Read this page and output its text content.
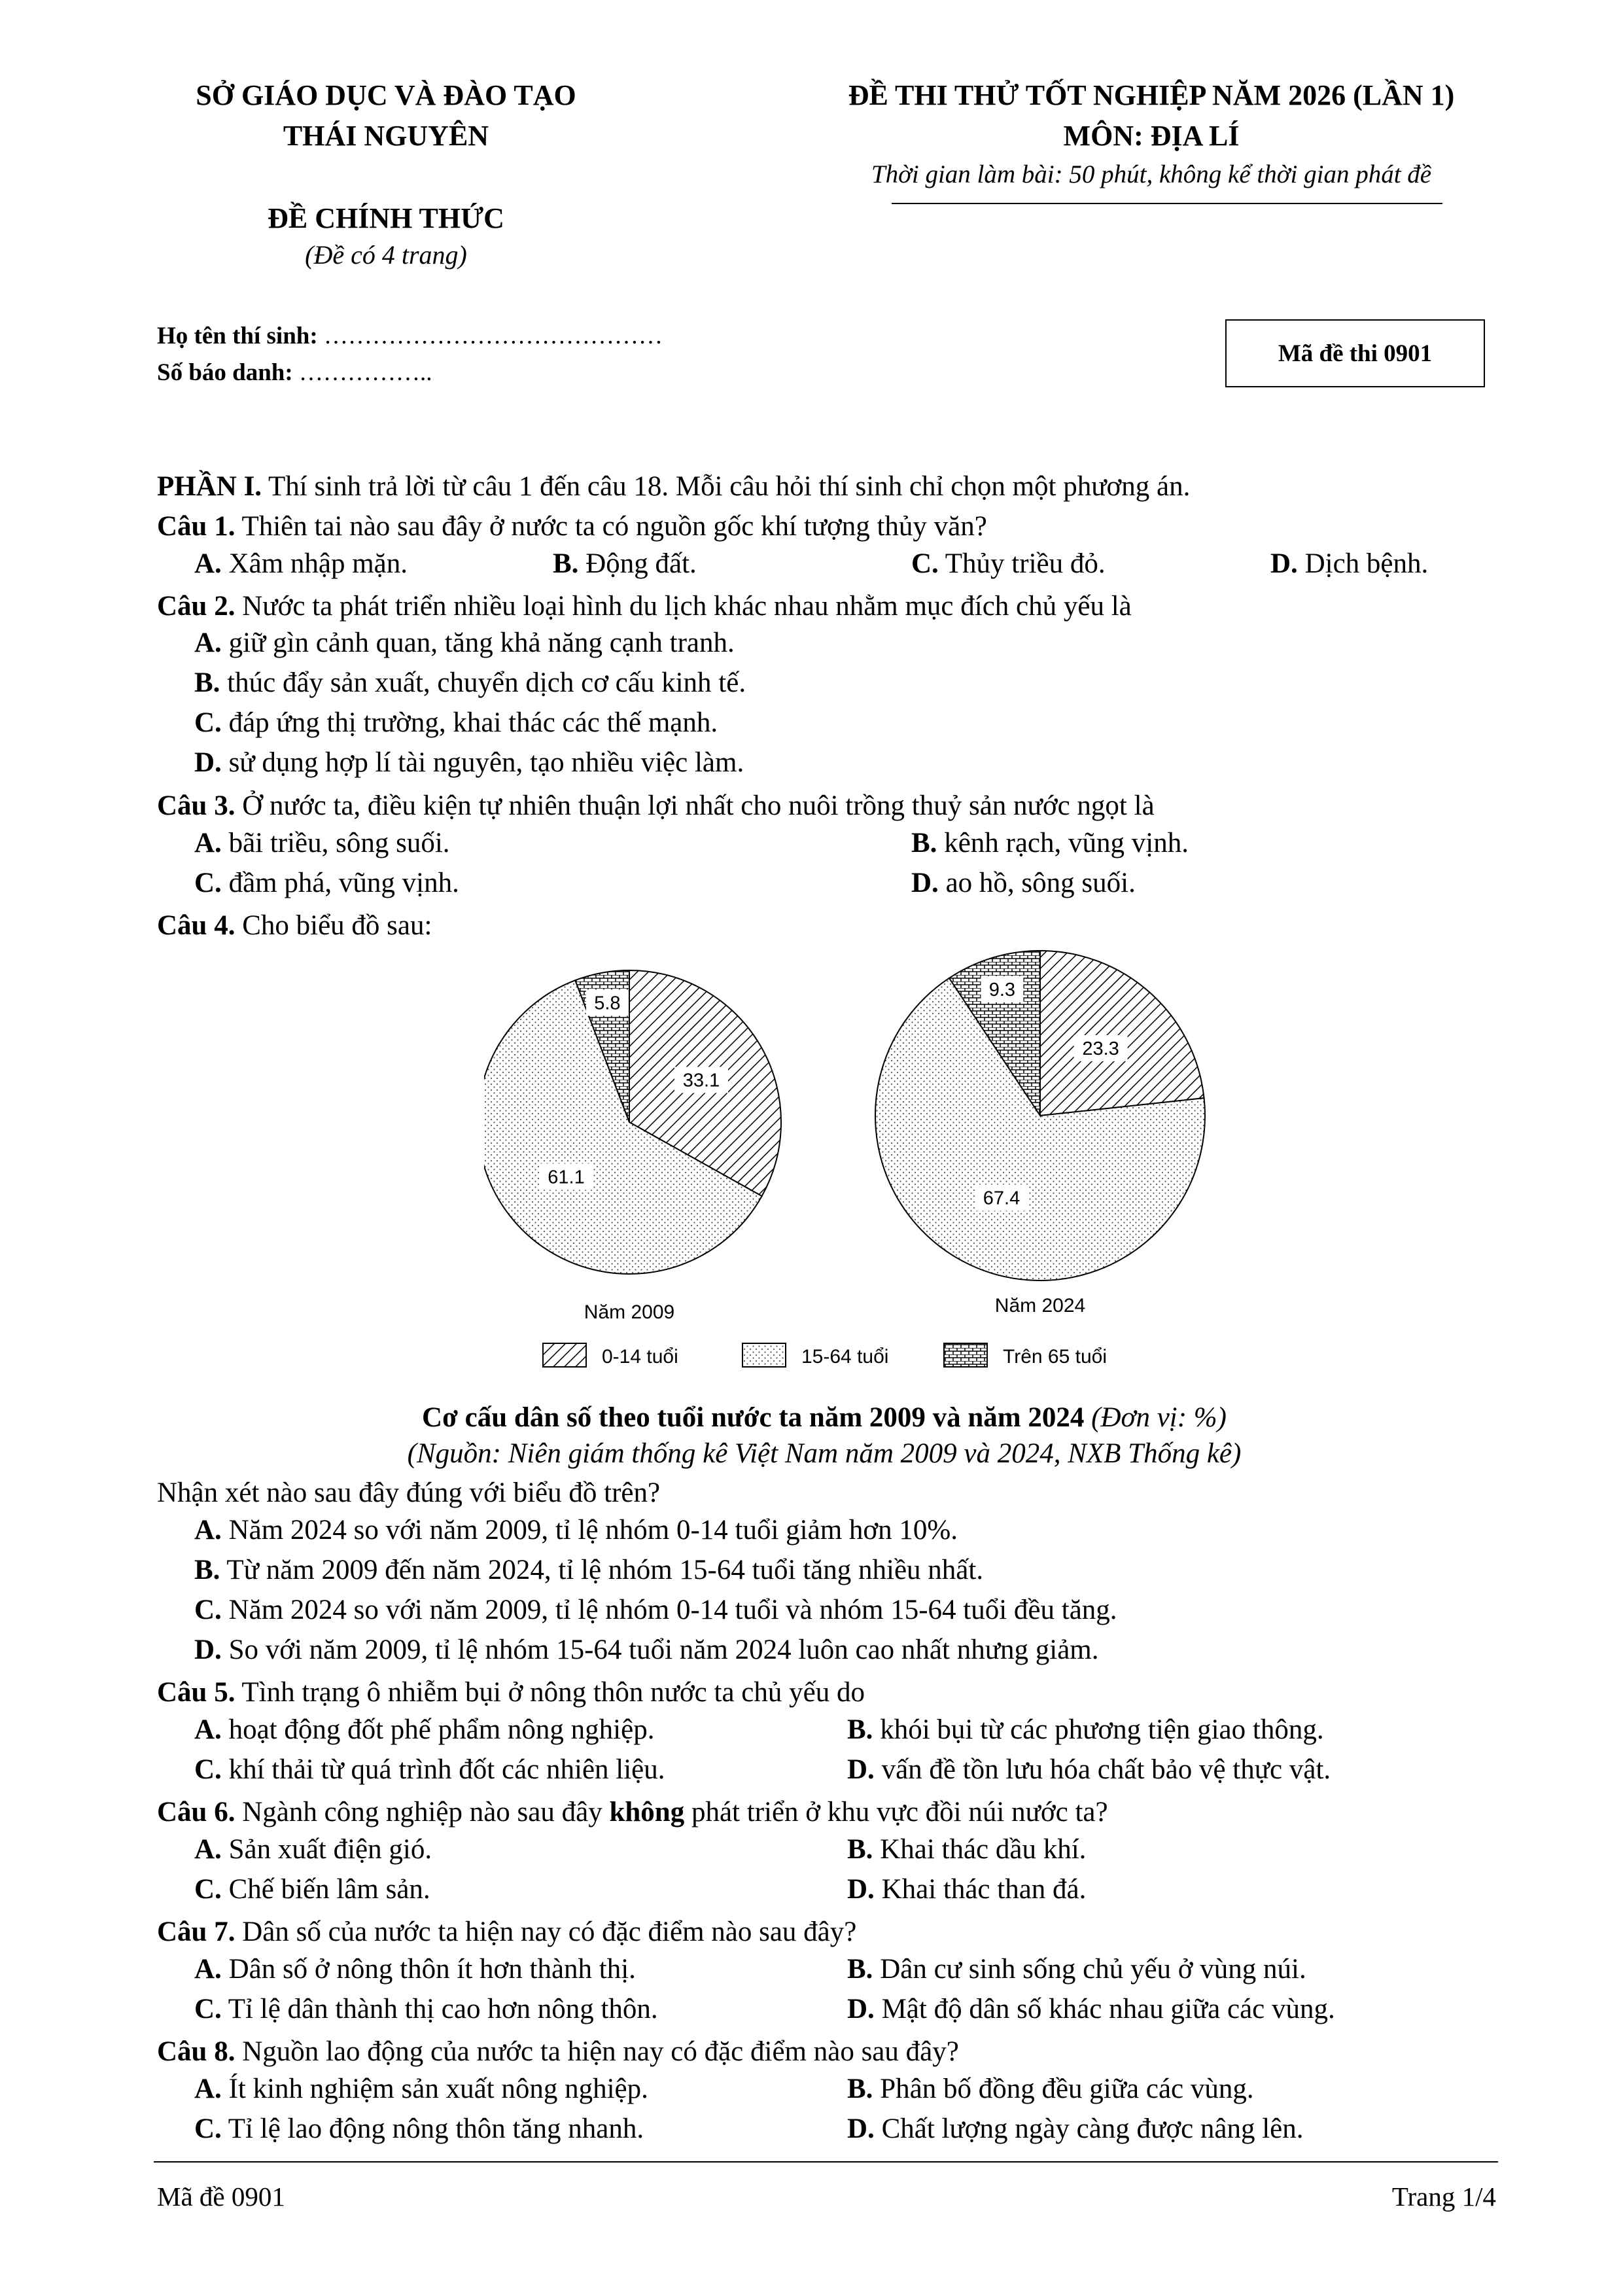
SỞ GIÁO DỤC VÀ ĐÀO TẠO
THÁI NGUYÊN
ĐỀ CHÍNH THỨC
(Đề có 4 trang)
ĐỀ THI THỬ TỐT NGHIỆP NĂM 2026 (LẦN 1)
MÔN: ĐỊA LÍ
Thời gian làm bài: 50 phút, không kể thời gian phát đề
Họ tên thí sinh: ……………………………………
Số báo danh: ……………..
Mã đề thi 0901
PHẦN I. Thí sinh trả lời từ câu 1 đến câu 18. Mỗi câu hỏi thí sinh chỉ chọn một phương án.
Câu 1. Thiên tai nào sau đây ở nước ta có nguồn gốc khí tượng thủy văn?
A. Xâm nhập mặn.	B. Động đất.	C. Thủy triều đỏ.	D. Dịch bệnh.
Câu 2. Nước ta phát triển nhiều loại hình du lịch khác nhau nhằm mục đích chủ yếu là
A. giữ gìn cảnh quan, tăng khả năng cạnh tranh.
B. thúc đẩy sản xuất, chuyển dịch cơ cấu kinh tế.
C. đáp ứng thị trường, khai thác các thế mạnh.
D. sử dụng hợp lí tài nguyên, tạo nhiều việc làm.
Câu 3. Ở nước ta, điều kiện tự nhiên thuận lợi nhất cho nuôi trồng thuỷ sản nước ngọt là
A. bãi triều, sông suối.	B. kênh rạch, vũng vịnh.
C. đầm phá, vũng vịnh.	D. ao hồ, sông suối.
Câu 4. Cho biểu đồ sau:
33.1
61.1
5.8
23.3
67.4
9.3
Năm 2009	Năm 2024
0-14 tuổi	15-64 tuổi	Trên 65 tuổi
Cơ cấu dân số theo tuổi nước ta năm 2009 và năm 2024 (Đơn vị: %)
(Nguồn: Niên giám thống kê Việt Nam năm 2009 và 2024, NXB Thống kê)
Nhận xét nào sau đây đúng với biểu đồ trên?
A. Năm 2024 so với năm 2009, tỉ lệ nhóm 0-14 tuổi giảm hơn 10%.
B. Từ năm 2009 đến năm 2024, tỉ lệ nhóm 15-64 tuổi tăng nhiều nhất.
C. Năm 2024 so với năm 2009, tỉ lệ nhóm 0-14 tuổi và nhóm 15-64 tuổi đều tăng.
D. So với năm 2009, tỉ lệ nhóm 15-64 tuổi năm 2024 luôn cao nhất nhưng giảm.
Câu 5. Tình trạng ô nhiễm bụi ở nông thôn nước ta chủ yếu do
A. hoạt động đốt phế phẩm nông nghiệp.	B. khói bụi từ các phương tiện giao thông.
C. khí thải từ quá trình đốt các nhiên liệu.	D. vấn đề tồn lưu hóa chất bảo vệ thực vật.
Câu 6. Ngành công nghiệp nào sau đây không phát triển ở khu vực đồi núi nước ta?
A. Sản xuất điện gió.	B. Khai thác dầu khí.
C. Chế biến lâm sản.	D. Khai thác than đá.
Câu 7. Dân số của nước ta hiện nay có đặc điểm nào sau đây?
A. Dân số ở nông thôn ít hơn thành thị.	B. Dân cư sinh sống chủ yếu ở vùng núi.
C. Tỉ lệ dân thành thị cao hơn nông thôn.	D. Mật độ dân số khác nhau giữa các vùng.
Câu 8. Nguồn lao động của nước ta hiện nay có đặc điểm nào sau đây?
A. Ít kinh nghiệm sản xuất nông nghiệp.	B. Phân bố đồng đều giữa các vùng.
C. Tỉ lệ lao động nông thôn tăng nhanh.	D. Chất lượng ngày càng được nâng lên.
Mã đề 0901	Trang 1/4
